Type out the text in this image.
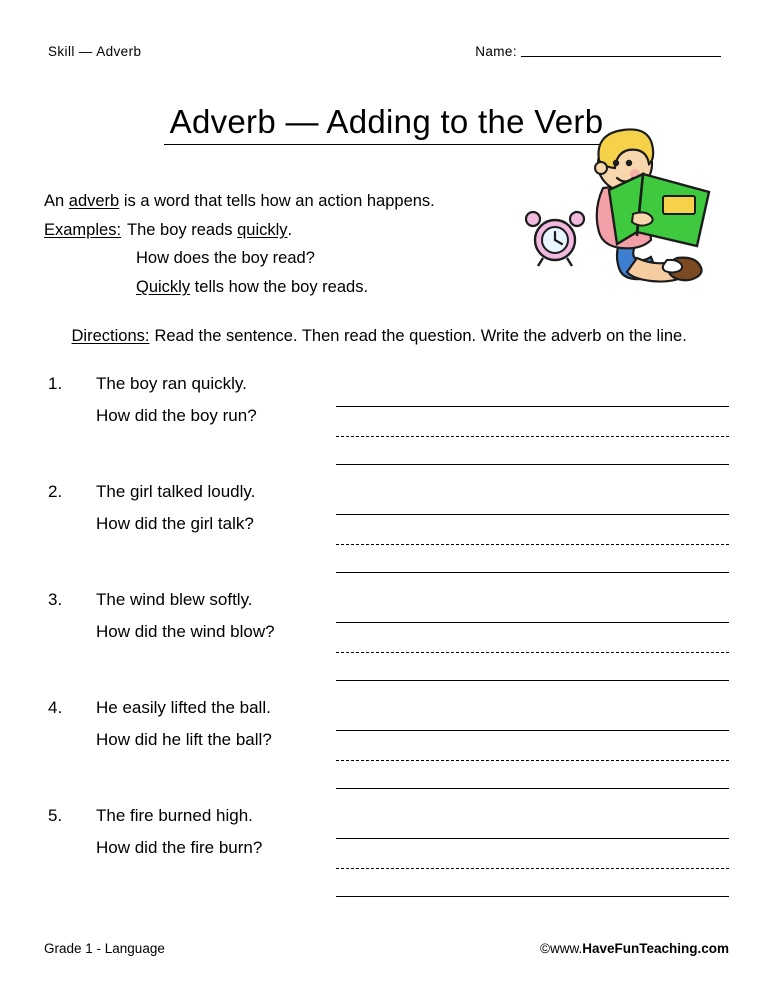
Skill — Adverb	Name:
Adverb — Adding to the Verb
An adverb is a word that tells how an action happens.
Examples: The boy reads quickly .
How does the boy read?
Quickly tells how the boy reads.

Directions: Read the sentence. Then read the question. Write the adverb on the line.

1. The boy ran quickly.
How did the boy run?
2. The girl talked loudly.
How did the girl talk?
3. The wind blew softly.
How did the wind blow?
4. He easily lifted the ball.
How did he lift the ball?
5. The fire burned high.
How did the fire burn?
Grade 1 - Language	©www.HaveFunTeaching.com
